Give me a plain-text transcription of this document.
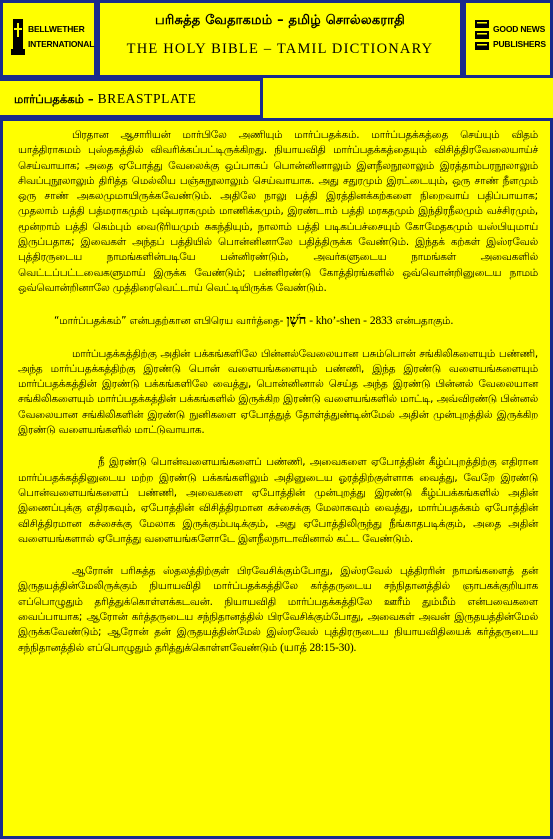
BELLWETHER
INTERNATIONAL
பரிசுத்த வேதாகமம் – தமிழ் சொல்லகராதி
THE HOLY BIBLE – TAMIL DICTIONARY
GOOD NEWS
PUBLISHERS
மார்ப்பதக்கம் – BREASTPLATE

பிரதான ஆசாரியன் மார்பிலே அணியும் மார்ப்பதக்கம். மார்ப்பதக்கத்தை செய்யும் விதம் யாத்திராகமம் புஸ்தகத்தில் விவரிக்கப்பட்டிருக்கிறது. நியாயவிதி மார்ப்பதக்கத்தையும் விசித்திரவேலையாய்ச் செய்வாயாக; அதை ஏபோத்து வேலைக்கு ஒப்பாகப் பொன்னினாலும் இளநீலநூலாலும் இரத்தாம்பரநூலாலும் சிவப்புநூலாலும் திரித்த மெல்லிய பஞ்சுநூலாலும் செய்வாயாக. அது சதுரமும் இரட்டையும், ஒரு சாண் நீளமும் ஒரு சாண் அகலமுமாயிருக்கவேண்டும். அதிலே நாலு பத்தி இரத்தினக்கற்களை நிறைவாய் பதிப்பாயாக; முதலாம் பத்தி பத்மராகமும் புஷ்பராகமும் மாணிக்கமும், இரண்டாம் பத்தி மரகதமும் இந்திரநீலமும் வச்சிரமும், மூன்றாம் பத்தி கெம்பும் வைடூரியமும் சுகந்தியும், நாலாம் பத்தி படிகப்பச்சையும் கோமேதகமும் யஸ்பியுமாய் இருப்பதாக; இவைகள் அந்தப் பத்தியில் பொன்னினாலே பதித்திருக்க வேண்டும். இந்தக் கற்கள் இஸ்ரவேல் புத்திரருடைய நாமங்களின்படியே பன்னிரண்டும், அவர்களுடைய நாமங்கள் அவைகளில் வெட்டப்பட்டவைகளுமாய் இருக்க வேண்டும்; பன்னிரண்டு கோத்திரங்களில் ஒவ்வொன்றினுடைய நாமம் ஒவ்வொன்றினாலே முத்திரைவெட்டாய் வெட்டியிருக்க வேண்டும்.

“மார்ப்பதக்கம்” என்பதற்கான எபிரெய வார்த்தை- חֹשֶׁן - kho’-shen - 2833 என்பதாகும்.

மார்ப்பதக்கத்திற்கு அதின் பக்கங்களிலே பின்னல்வேலையான பசும்பொன் சங்கிலிகளையும் பண்ணி, அந்த மார்ப்பதக்கத்திற்கு இரண்டு பொன் வளையங்களையும் பண்ணி, இந்த இரண்டு வளையங்களையும் மார்ப்பதக்கத்தின் இரண்டு பக்கங்களிலே வைத்து, பொன்னினால் செய்த அந்த இரண்டு பின்னல் வேலையான சங்கிலிகளையும் மார்ப்பதக்கத்தின் பக்கங்களில் இருக்கிற இரண்டு வளையங்களில் மாட்டி, அவ்விரண்டு பின்னல் வேலையான சங்கிலிகளின் இரண்டு நுனிகளை ஏபோத்துத் தோள்த்துண்டின்மேல் அதின் முன்புறத்தில் இருக்கிற இரண்டு வளையங்களில் மாட்டுவாயாக.

நீ இரண்டு பொன்வளையங்களைப் பண்ணி, அவைகளை ஏபோத்தின் கீழ்ப்புறத்திற்கு எதிரான மார்ப்பதக்கத்தினுடைய மற்ற இரண்டு பக்கங்களிலும் அதினுடைய ஓரத்திற்குள்ளாக வைத்து, வேறே இரண்டு பொன்வளையங்களைப் பண்ணி, அவைகளை ஏபோத்தின் முன்புறத்து இரண்டு கீழ்ப்பக்கங்களில் அதின் இணைப்புக்கு எதிரகவும், ஏபோத்தின் விசித்திரமான கச்சைக்கு மேலாகவும் வைத்து, மார்ப்பதக்கம் ஏபோத்தின் விசித்திரமான கச்சைக்கு மேலாக இருக்கும்படிக்கும், அது ஏபோத்திலிருந்து நீங்காதபடிக்கும், அதை அதின் வளையங்களால் ஏபோத்து வளையங்களோடே இளநீலநாடாவினால் கட்ட வேண்டும்.

ஆரோன் பரிசுத்த ஸ்தலத்திற்குள் பிரவேசிக்கும்போது, இஸ்ரவேல் புத்திரரின் நாமங்களைத் தன் இருதயத்தின்மேலிருக்கும் நியாயவிதி மார்ப்பதக்கத்திலே கர்த்தருடைய சந்நிதானத்தில் ஞாபகக்குறியாக எப்பொழுதும் தரித்துக்கொள்ளக்கடவன். நியாயவிதி மார்ப்பதக்கத்திலே ஊரீம் தும்மீம் என்பவைகளை வைப்பாயாக; ஆரோன் கர்த்தருடைய சந்நிதானத்தில் பிரவேசிக்கும்போது, அவைகள் அவன் இருதயத்தின்மேல் இருக்கவேண்டும்; ஆரோன் தன் இருதயத்தின்மேல் இஸ்ரவேல் புத்திரருடைய நியாயவிதியைக் கர்த்தருடைய சந்நிதானத்தில் எப்பொழுதும் தரித்துக்கொள்ளவேண்டும் (யாத் 28:15-30).
